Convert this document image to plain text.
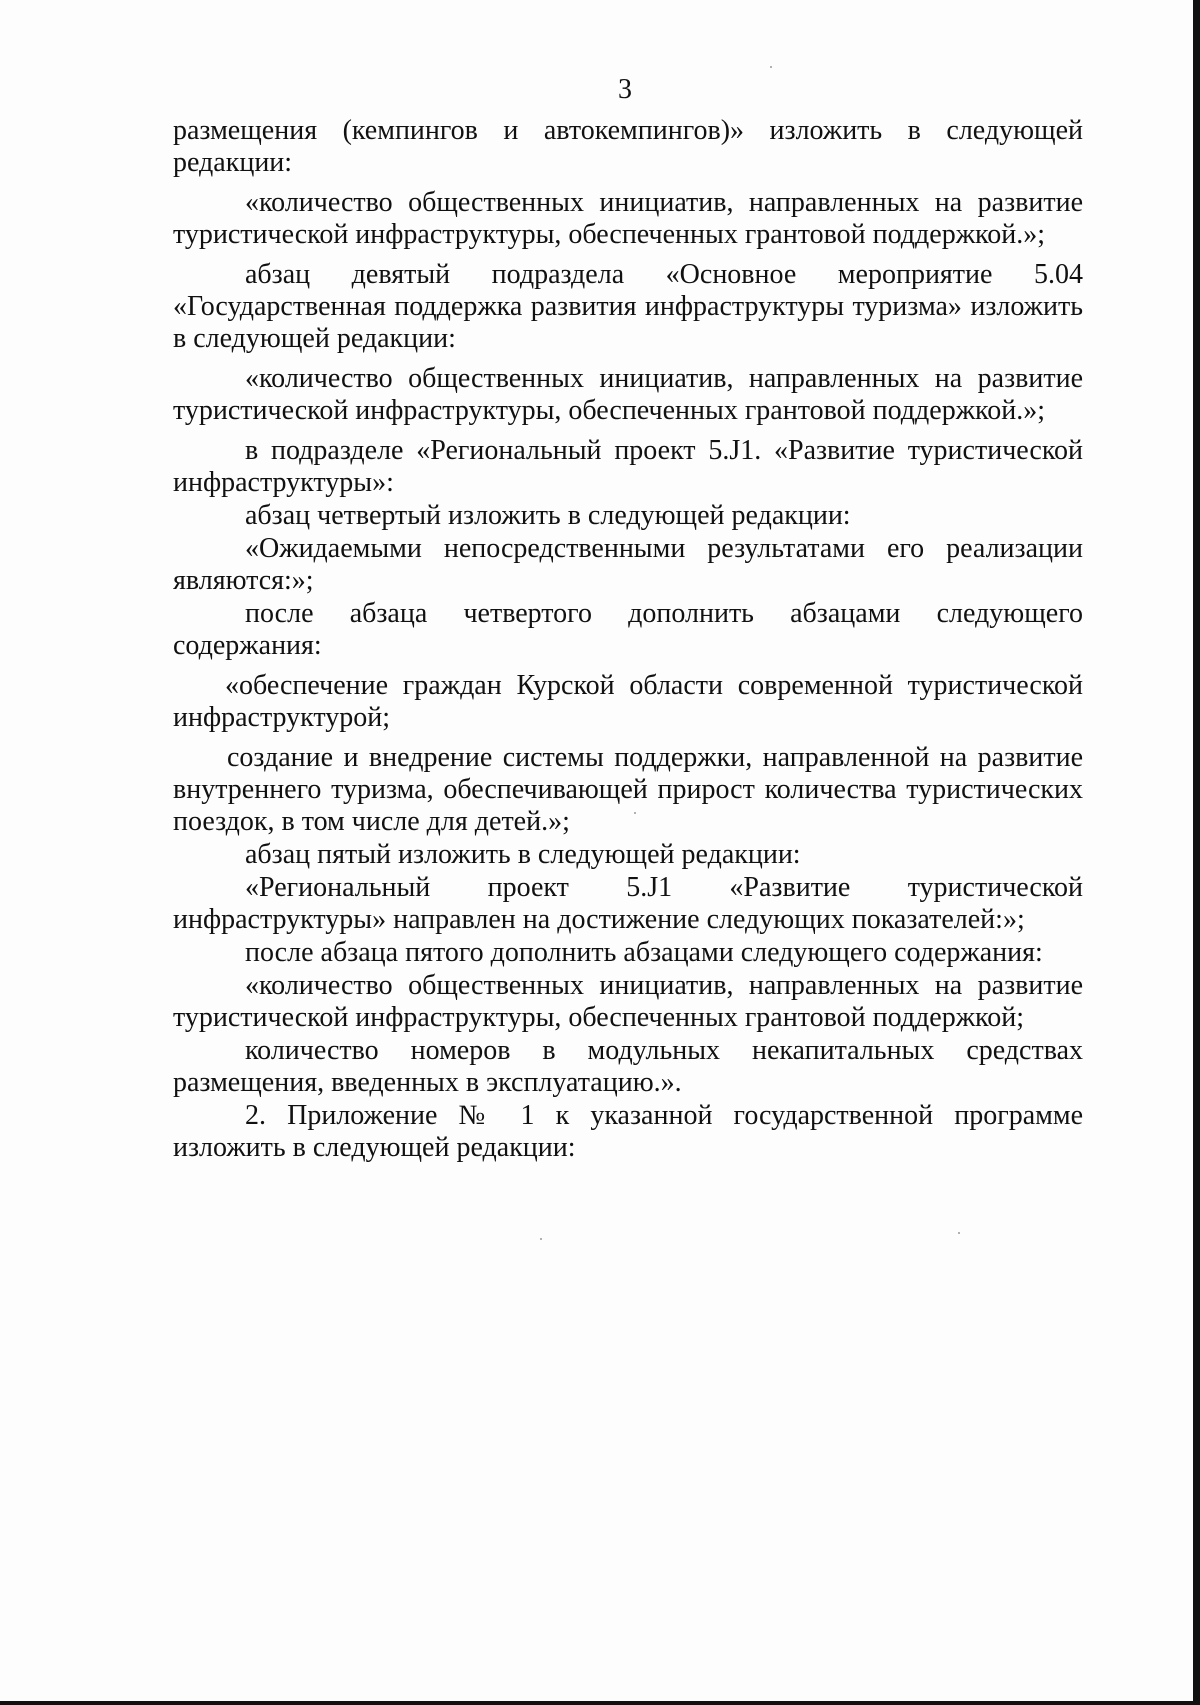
3

размещения (кемпингов и автокемпингов)» изложить в следующей редакции:

«количество общественных инициатив, направленных на развитие туристической инфраструктуры, обеспеченных грантовой поддержкой.»;

абзац девятый подраздела «Основное мероприятие 5.04 «Государственная поддержка развития инфраструктуры туризма» изложить в следующей редакции:

«количество общественных инициатив, направленных на развитие туристической инфраструктуры, обеспеченных грантовой поддержкой.»;

в подразделе «Региональный проект 5.J1. «Развитие туристической инфраструктуры»:

абзац четвертый изложить в следующей редакции:

«Ожидаемыми непосредственными результатами его реализации являются:»;

после абзаца четвертого дополнить абзацами следующего содержания:

«обеспечение граждан Курской области современной туристической инфраструктурой;

создание и внедрение системы поддержки, направленной на развитие внутреннего туризма, обеспечивающей прирост количества туристических поездок, в том числе для детей.»;

абзац пятый изложить в следующей редакции:

«Региональный проект 5.J1 «Развитие туристической инфраструктуры» направлен на достижение следующих показателей:»;

после абзаца пятого дополнить абзацами следующего содержания:

«количество общественных инициатив, направленных на развитие туристической инфраструктуры, обеспеченных грантовой поддержкой;

количество номеров в модульных некапитальных средствах размещения, введенных в эксплуатацию.».

2. Приложение № 1 к указанной государственной программе изложить в следующей редакции:
